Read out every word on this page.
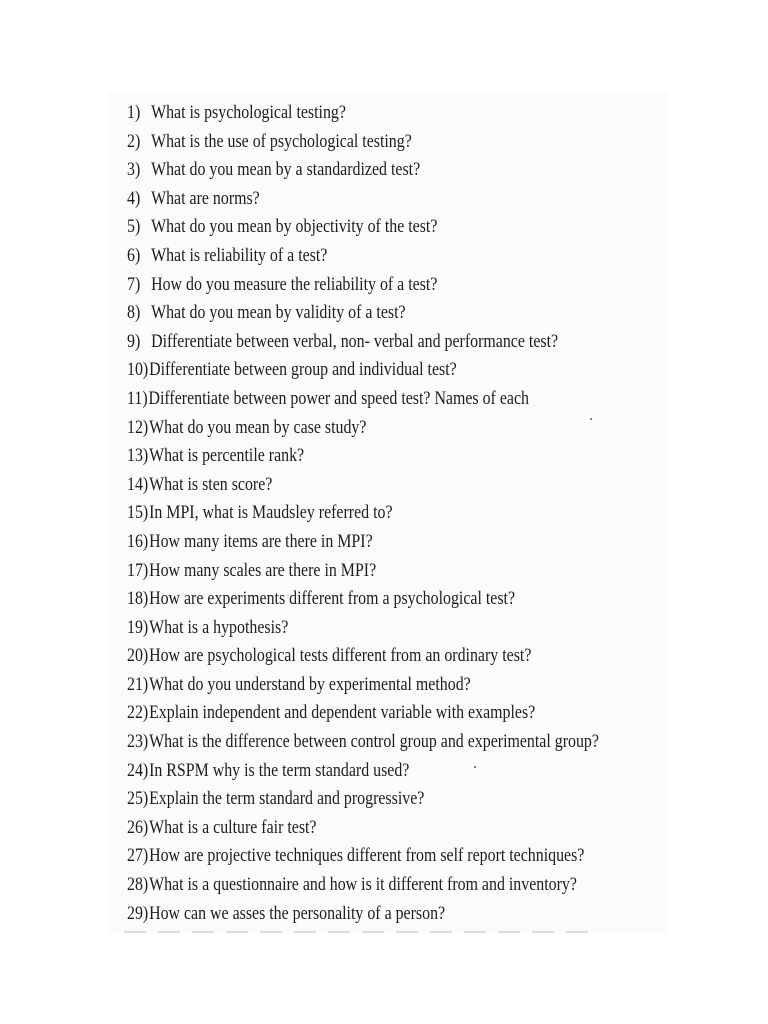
1) What is psychological testing?
2) What is the use of psychological testing?
3) What do you mean by a standardized test?
4) What are norms?
5) What do you mean by objectivity of the test?
6) What is reliability of a test?
7) How do you measure the reliability of a test?
8) What do you mean by validity of a test?
9) Differentiate between verbal, non- verbal and performance test?
10)Differentiate between group and individual test?
11)Differentiate between power and speed test? Names of each
12)What do you mean by case study?
13)What is percentile rank?
14)What is sten score?
15)In MPI, what is Maudsley referred to?
16)How many items are there in MPI?
17)How many scales are there in MPI?
18)How are experiments different from a psychological test?
19)What is a hypothesis?
20)How are psychological tests different from an ordinary test?
21)What do you understand by experimental method?
22)Explain independent and dependent variable with examples?
23)What is the difference between control group and experimental group?
24)In RSPM why is the term standard used?
25)Explain the term standard and progressive?
26)What is a culture fair test?
27)How are projective techniques different from self report techniques?
28)What is a questionnaire and how is it different from and inventory?
29)How can we asses the personality of a person?
